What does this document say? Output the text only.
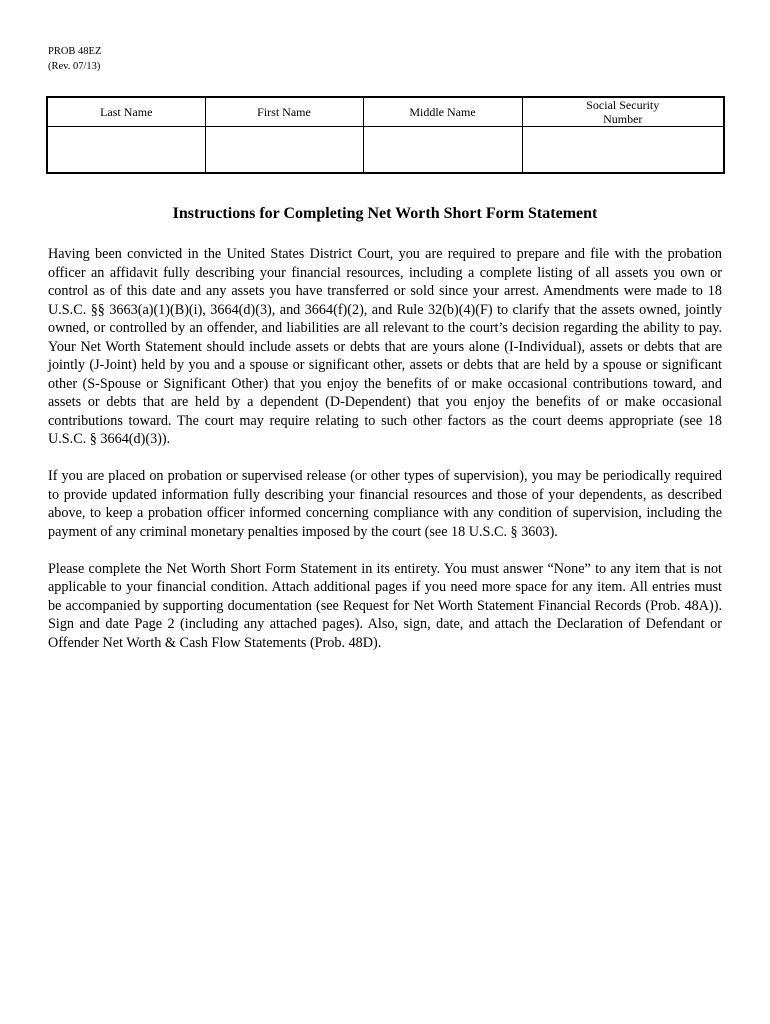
PROB 48EZ
(Rev. 07/13)
Last Name	First Name	Middle Name	Social Security Number

Instructions for Completing Net Worth Short Form Statement

Having been convicted in the United States District Court, you are required to prepare and file with the probation officer an affidavit fully describing your financial resources, including a complete listing of all assets you own or control as of this date and any assets you have transferred or sold since your arrest. Amendments were made to 18 U.S.C. §§ 3663(a)(1)(B)(i), 3664(d)(3), and 3664(f)(2), and Rule 32(b)(4)(F) to clarify that the assets owned, jointly owned, or controlled by an offender, and liabilities are all relevant to the court’s decision regarding the ability to pay. Your Net Worth Statement should include assets or debts that are yours alone (I-Individual), assets or debts that are jointly (J-Joint) held by you and a spouse or significant other, assets or debts that are held by a spouse or significant other (S-Spouse or Significant Other) that you enjoy the benefits of or make occasional contributions toward, and assets or debts that are held by a dependent (D-Dependent) that you enjoy the benefits of or make occasional contributions toward. The court may require relating to such other factors as the court deems appropriate (see 18 U.S.C. § 3664(d)(3)).

If you are placed on probation or supervised release (or other types of supervision), you may be periodically required to provide updated information fully describing your financial resources and those of your dependents, as described above, to keep a probation officer informed concerning compliance with any condition of supervision, including the payment of any criminal monetary penalties imposed by the court (see 18 U.S.C. § 3603).

Please complete the Net Worth Short Form Statement in its entirety. You must answer “None” to any item that is not applicable to your financial condition. Attach additional pages if you need more space for any item. All entries must be accompanied by supporting documentation (see Request for Net Worth Statement Financial Records (Prob. 48A)). Sign and date Page 2 (including any attached pages). Also, sign, date, and attach the Declaration of Defendant or Offender Net Worth & Cash Flow Statements (Prob. 48D).
